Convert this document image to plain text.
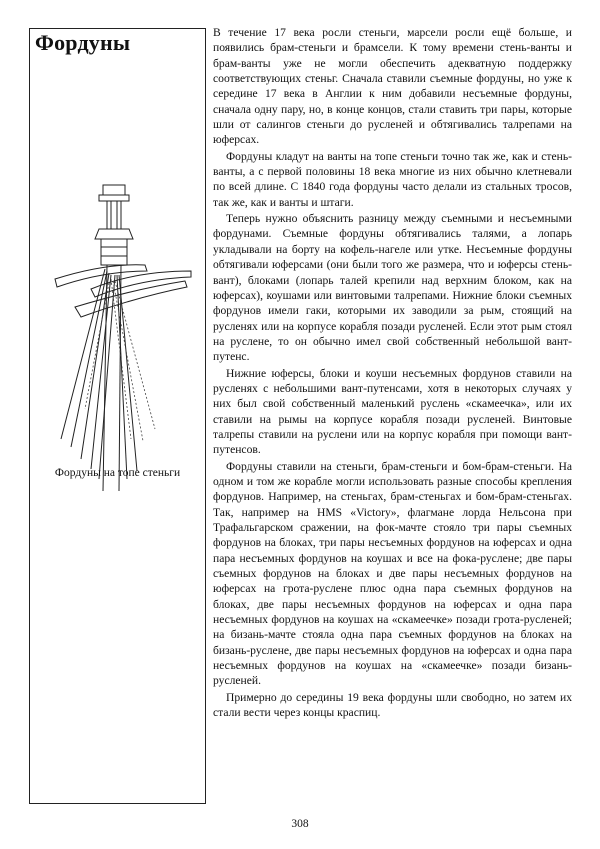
Фордуны
Фордуны на топе стеньги

В течение 17 века росли стеньги, марсели росли ещё больше, и появились брам-стеньги и брамсели. К тому времени стень-ванты и брам-ванты уже не могли обеспечить адекватную поддержку соответствующих стеньг. Сначала ставили съемные фордуны, но уже к середине 17 века в Англии к ним добавили несъемные фордуны, сначала одну пару, но, в конце концов, стали ставить три пары, которые шли от салингов стеньги до русленей и обтягивались талрепами на юферсах.

Фордуны кладут на ванты на топе стеньги точно так же, как и стень-ванты, а с первой половины 18 века многие из них обычно клетневали по всей длине. С 1840 года фордуны часто делали из стальных тросов, так же, как и ванты и штаги.

Теперь нужно объяснить разницу между съемными и несъемными фордунами. Съемные фордуны обтягивались талями, а лопарь укладывали на борту на кофель-нагеле или утке. Несъемные фордуны обтягивали юферсами (они были того же размера, что и юферсы стень-вант), блоками (лопарь талей крепили над верхним блоком, как на юферсах), коушами или винтовыми талрепами. Нижние блоки съемных фордунов имели гаки, которыми их заводили за рым, стоящий на русленях или на корпусе корабля позади русленей. Если этот рым стоял на руслене, то он обычно имел свой собственный небольшой вант-путенс.

Нижние юферсы, блоки и коуши несъемных фордунов ставили на русленях с небольшими вант-путенсами, хотя в некоторых случаях у них был свой собственный маленький руслень «скамеечка», или их ставили на рымы на корпусе корабля позади русленей. Винтовые талрепы ставили на руслени или на корпус корабля при помощи вант-путенсов.

Фордуны ставили на стеньги, брам-стеньги и бом-брам-стеньги. На одном и том же корабле могли использовать разные способы крепления фордунов. Например, на стеньгах, брам-стеньгах и бом-брам-стеньгах. Так, например на HMS «Victory», флагмане лорда Нельсона при Трафальгарском сражении, на фок-мачте стояло три пары съемных фордунов на блоках, три пары несъемных фордунов на юферсах и одна пара несъемных фордунов на коушах и все на фока-руслене; две пары съемных фордунов на блоках и две пары несъемных фордунов на юферсах на грота-руслене плюс одна пара съемных фордунов на блоках, две пары несъемных фордунов на юферсах и одна пара несъемных фордунов на коушах на «скамеечке» позади грота-русленей; на бизань-мачте стояла одна пара съемных фордунов на блоках на бизань-руслене, две пары несъемных фордунов на юферсах и одна пара несъемных фордунов на коушах на «скамеечке» позади бизань-русленей.

Примерно до середины 19 века фордуны шли свободно, но затем их стали вести через концы краспиц.

308
